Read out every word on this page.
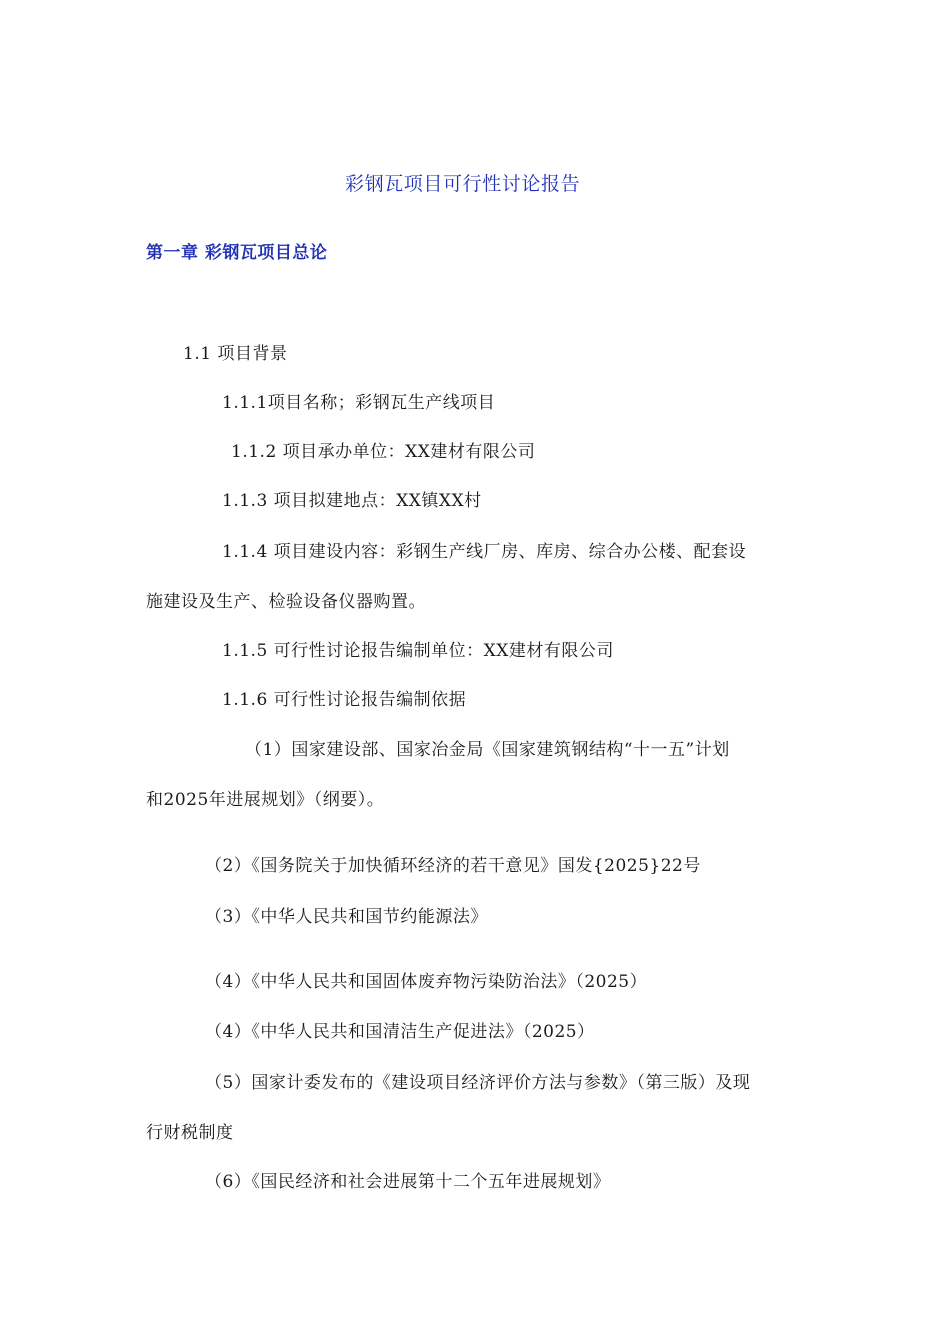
彩钢瓦项目可行性讨论报告
第一章 彩钢瓦项目总论
1.1 项目背景
1.1.1项目名称；彩钢瓦生产线项目
1.1.2 项目承办单位：XX建材有限公司
1.1.3 项目拟建地点：XX镇XX村
1.1.4 项目建设内容：彩钢生产线厂房、库房、综合办公楼、配套设
施建设及生产、检验设备仪器购置。
1.1.5 可行性讨论报告编制单位：XX建材有限公司
1.1.6 可行性讨论报告编制依据
（1）国家建设部、国家冶金局《国家建筑钢结构“十一五”计划
和2025年进展规划》（纲要）。
（2）《国务院关于加快循环经济的若干意见》国发{2025}22号
（3）《中华人民共和国节约能源法》
（4）《中华人民共和国固体废弃物污染防治法》（2025）
（4）《中华人民共和国清洁生产促进法》（2025）
（5）国家计委发布的《建设项目经济评价方法与参数》（第三版）及现
行财税制度
（6）《国民经济和社会进展第十二个五年进展规划》
